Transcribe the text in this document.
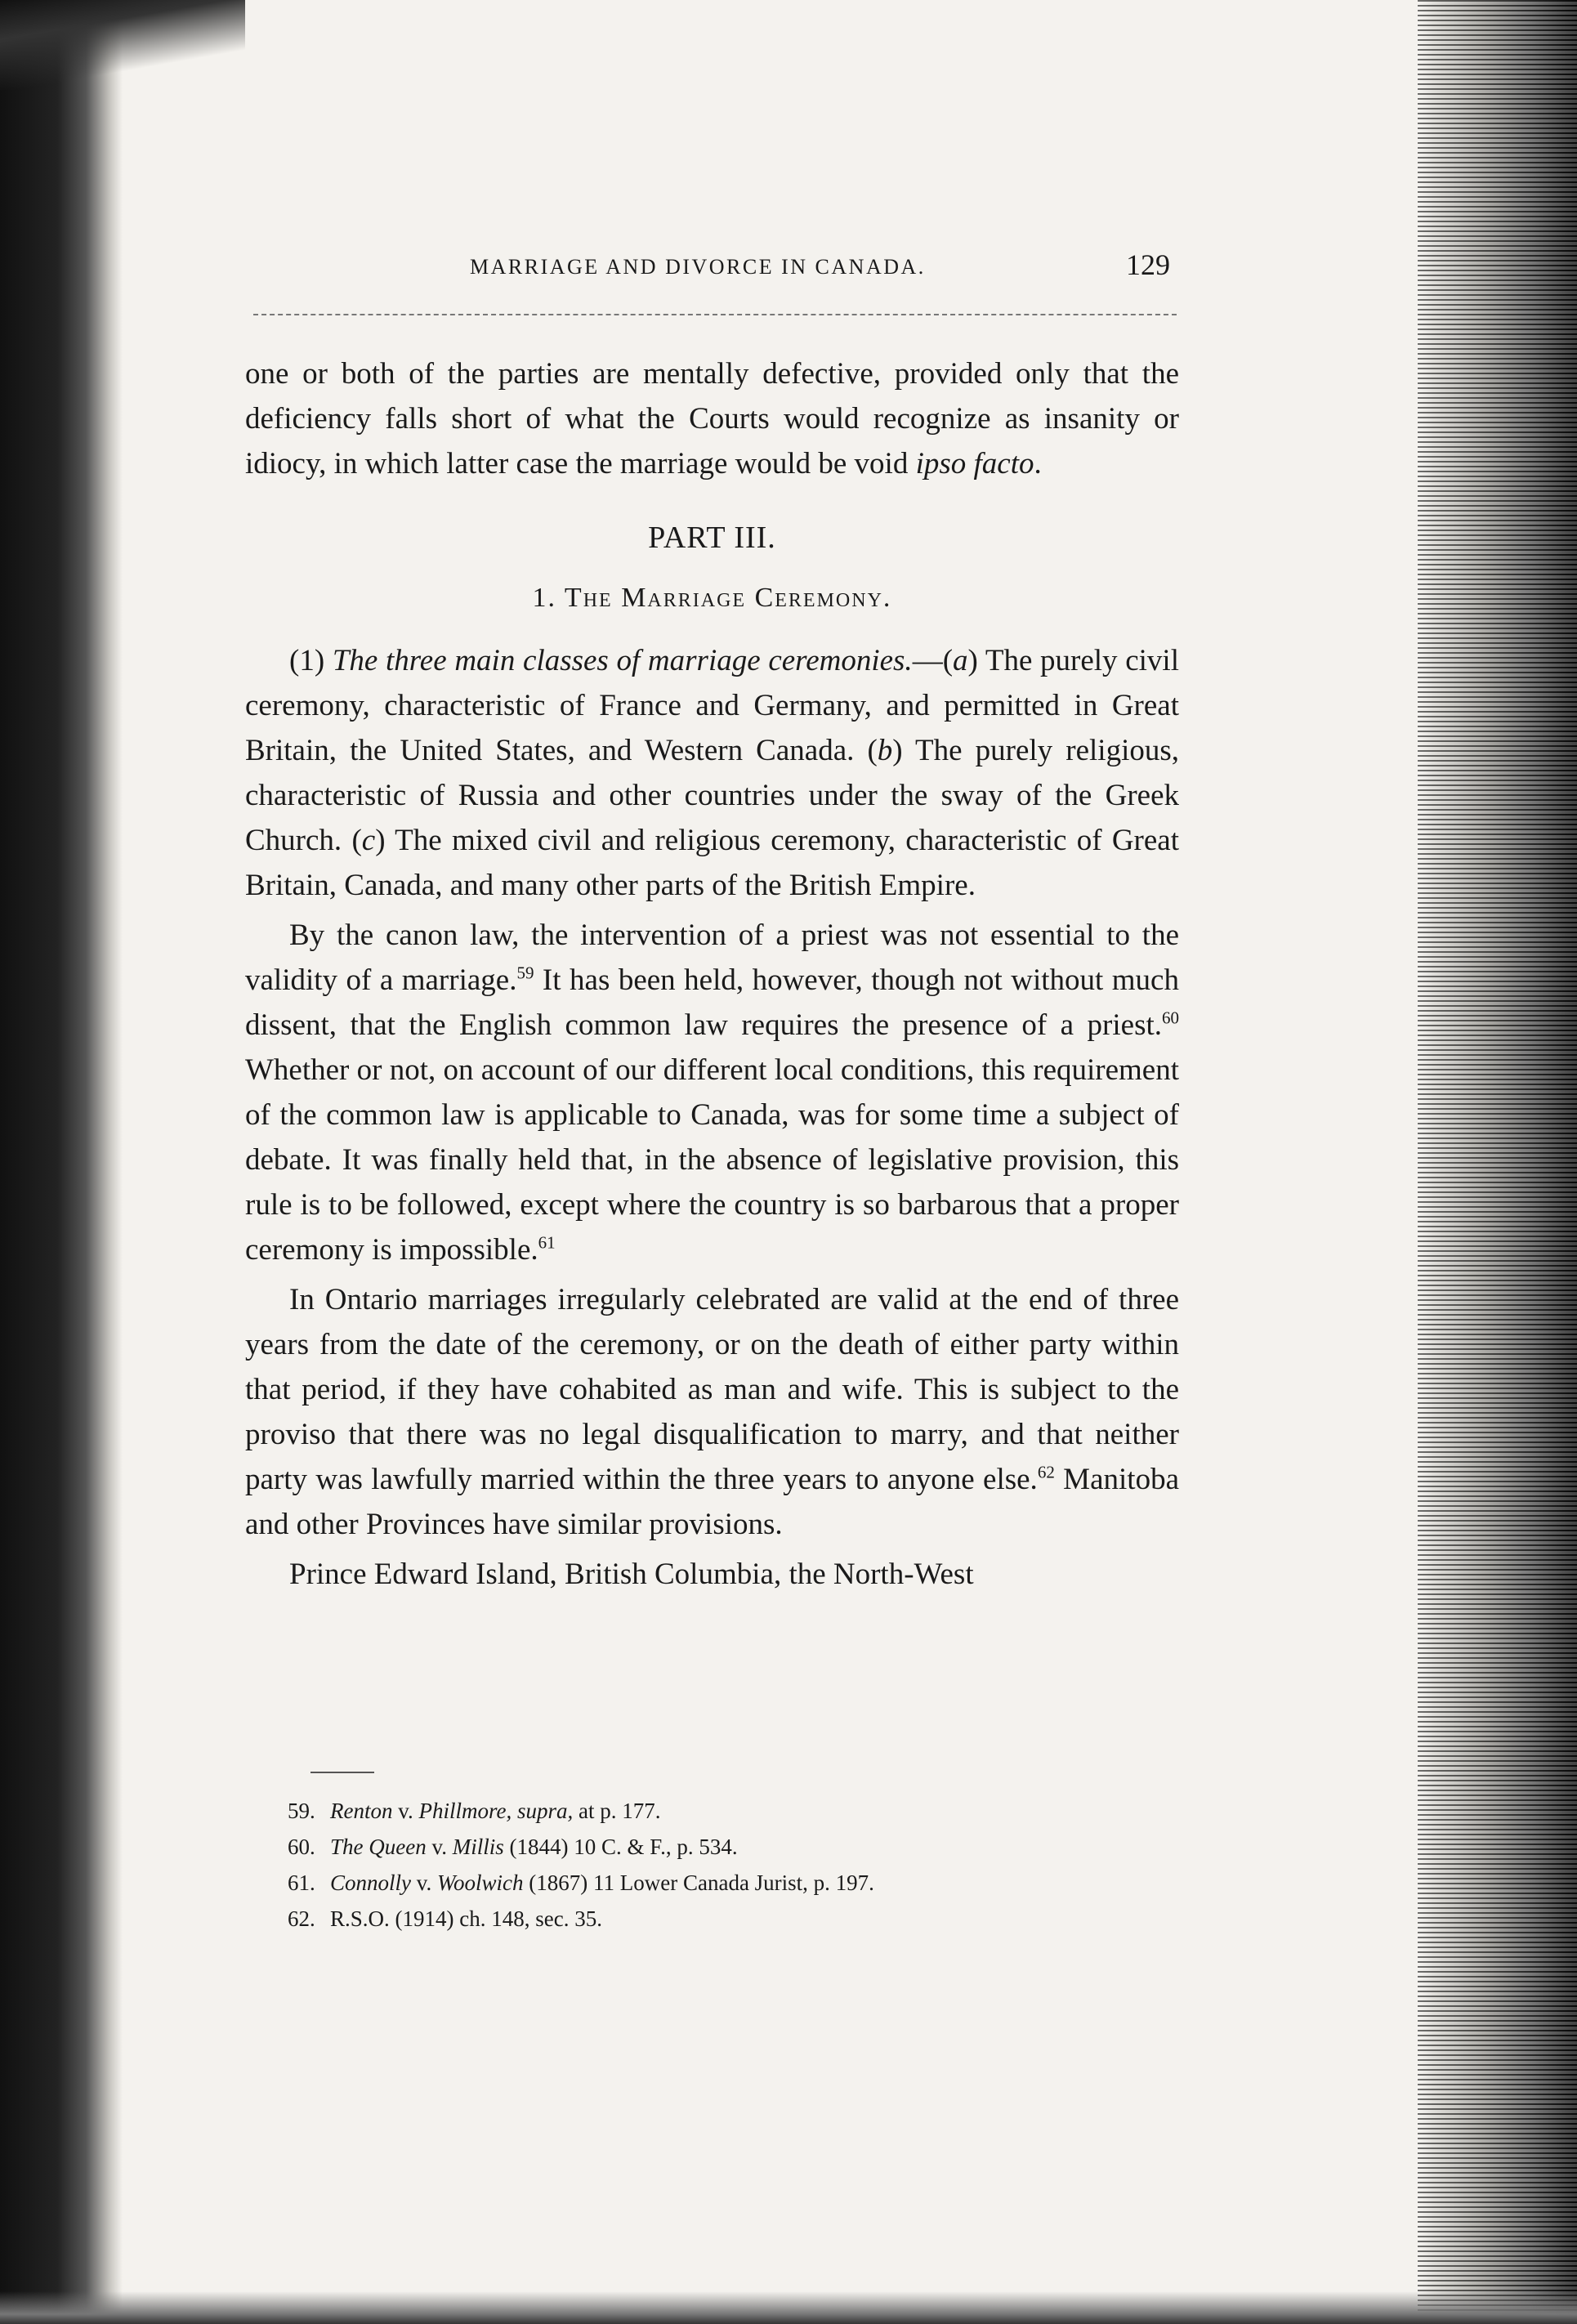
MARRIAGE AND DIVORCE IN CANADA.	129

one or both of the parties are mentally defective, provided only that the deficiency falls short of what the Courts would recognize as insanity or idiocy, in which latter case the marriage would be void ipso facto.

PART III.

1. The Marriage Ceremony.

(1) The three main classes of marriage ceremonies.—(a) The purely civil ceremony, characteristic of France and Germany, and permitted in Great Britain, the United States, and Western Canada. (b) The purely religious, characteristic of Russia and other countries under the sway of the Greek Church. (c) The mixed civil and religious ceremony, characteristic of Great Britain, Canada, and many other parts of the British Empire.

By the canon law, the intervention of a priest was not essential to the validity of a marriage.$^{59}$ It has been held, however, though not without much dissent, that the English common law requires the presence of a priest.$^{60}$ Whether or not, on account of our different local conditions, this requirement of the common law is applicable to Canada, was for some time a subject of debate. It was finally held that, in the absence of legislative provision, this rule is to be followed, except where the country is so barbarous that a proper ceremony is impossible.$^{61}$

In Ontario marriages irregularly celebrated are valid at the end of three years from the date of the ceremony, or on the death of either party within that period, if they have cohabited as man and wife. This is subject to the proviso that there was no legal disqualification to marry, and that neither party was lawfully married within the three years to anyone else.$^{62}$ Manitoba and other Provinces have similar provisions.

Prince Edward Island, British Columbia, the North-West

59. Renton v. Phillmore, supra, at p. 177.

60. The Queen v. Millis (1844) 10 C. & F., p. 534.

61. Connolly v. Woolwich (1867) 11 Lower Canada Jurist, p. 197.

62. R.S.O. (1914) ch. 148, sec. 35.
